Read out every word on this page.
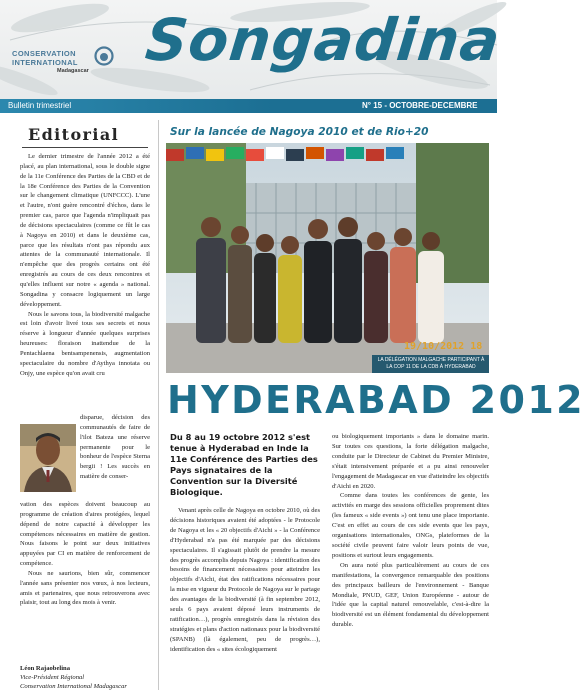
CONSERVATION
INTERNATIONAL
Madagascar Songadina
Bulletin trimestriel	N° 15 - OCTOBRE-DECEMBRE 2012
Editorial

Le dernier trimestre de l'année 2012 a été placé, au plan international, sous le double signe de la 11e Conférence des Parties de la CBD et de la 18e Conférence des Parties de la Convention sur le changement climatique (UNFCCC). L'une et l'autre, n'ont guère rencontré d'échos, dans le premier cas, parce que l'agenda n'impliquait pas de décisions spectaculaires (comme ce fût le cas à Nagoya en 2010) et dans le deuxième cas, parce que les résultats n'ont pas répondu aux attentes de la communauté internationale. Il n'empêche que des progrès certains ont été enregistrés au cours de ces deux rencontres et qu'elles influent sur notre « agenda » national. Songadina y consacre logiquement un large développement.

Nous le savons tous, la biodiversité malgache est loin d'avoir livré tous ses secrets et nous réserve à longueur d'année quelques surprises heureuses: floraison inattendue de la Pentachlaena bentsampenensis, augmentation spectaculaire du nombre d'Aythya innotata ou Onjy, une espèce qu'on avait cru

disparue, décision des communautés de faire de l'ilot Bateza une réserve permanente pour le bonheur de l'espèce Sterna bergii ! Les succès en matière de conser-

vation des espèces doivent beaucoup au programme de création d'aires protégées, lequel dépend de notre capacité à développer les compétences nécessaires en matière de gestion. Nous faisons le point sur deux initiatives appuyées par CI en matière de renforcement de compétence.

Nous ne saurions, bien sûr, commencer l'année sans présenter nos vœux, à nos lecteurs, amis et partenaires, que nous retrouverons avec plaisir, tout au long des mois à venir.

Léon Rajaobelina
Vice-Président Régional
Conservation International Madagascar
Sur la lancée de Nagoya 2010 et de Rio+20
19/10/2012 18
LA DÉLÉGATION MALGACHE PARTICIPANT À LA COP 11 DE LA CDB À HYDERABAD
HYDERABAD 2012
Du 8 au 19 octobre 2012 s'est tenue à Hyderabad en Inde la 11e Conférence des Parties des Pays signataires de la Convention sur la Diversité Biologique.

Venant après celle de Nagoya en octobre 2010, où des décisions historiques avaient été adoptées - le Protocole de Nagoya et les « 20 objectifs d'Aichi » - la Conférence d'Hyderabad n'a pas été marquée par des décisions spectaculaires. Il s'agissait plutôt de prendre la mesure des progrès accomplis depuis Nagoya : identification des besoins de financement nécessaires pour atteindre les objectifs d'Aichi, état des ratifications nécessaires pour la mise en vigueur du Protocole de Nagoya sur le partage des avantages de la biodiversité (à fin septembre 2012, seuls 6 pays avaient déposé leurs instruments de ratification…), progrès enregistrés dans la révision des stratégies et plans d'action nationaux pour la biodiversité (SPANB) (là également, peu de progrès…), identification des « sites écologiquement

ou biologiquement importants » dans le domaine marin. Sur toutes ces questions, la forte délégation malgache, conduite par le Directeur de Cabinet du Premier Ministre, s'était intensivement préparée et a pu ainsi renouveler l'engagement de Madagascar en vue d'atteindre les objectifs d'Aichi en 2020.

Comme dans toutes les conférences de gente, les activités en marge des sessions officielles proprement dites (les fameux « side events ») ont tenu une place importante. C'est en effet au cours de ces side events que les pays, organisations internationales, ONGs, plateformes de la société civile peuvent faire valoir leurs points de vue, positions et surtout leurs engagements.

On aura noté plus particulièrement au cours de ces manifestations, la convergence remarquable des positions des principaux bailleurs de l'environnement - Banque Mondiale, PNUD, GEF, Union Européenne - autour de l'idée que la capital naturel renouvelable, c'est-à-dire la biodiversité est un élément fondamental du développement durable.
